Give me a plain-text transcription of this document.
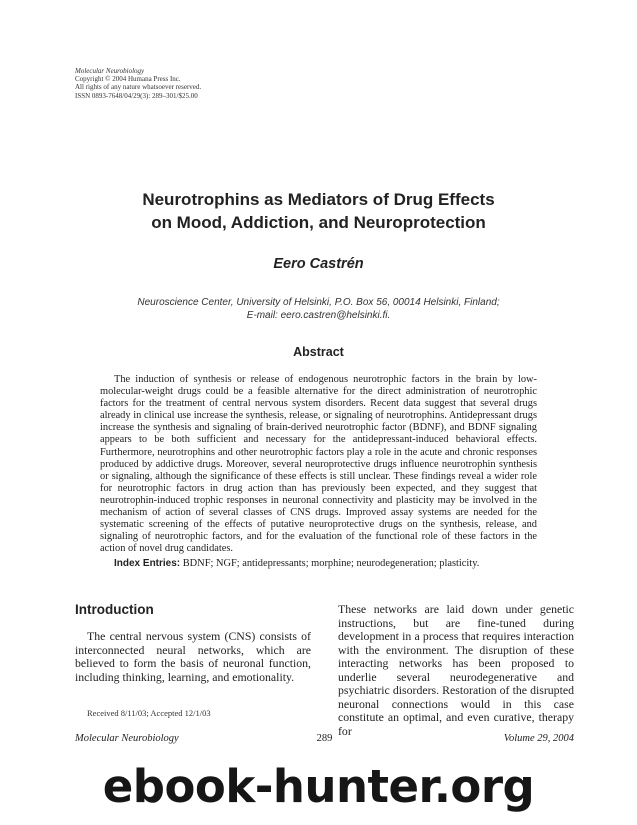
Molecular Neurobiology
Copyright © 2004 Humana Press Inc.
All rights of any nature whatsoever reserved.
ISSN 0893-7648/04/29(3): 289–301/$25.00
Neurotrophins as Mediators of Drug Effects
on Mood, Addiction, and Neuroprotection
Eero Castrén
Neuroscience Center, University of Helsinki, P.O. Box 56, 00014 Helsinki, Finland;
E-mail: eero.castren@helsinki.fi.
Abstract
The induction of synthesis or release of endogenous neurotrophic factors in the brain by low-molecular-weight drugs could be a feasible alternative for the direct administration of neurotrophic factors for the treatment of central nervous system disorders. Recent data suggest that several drugs already in clinical use increase the synthesis, release, or signaling of neurotrophins. Antidepressant drugs increase the synthesis and signaling of brain-derived neurotrophic factor (BDNF), and BDNF signaling appears to be both sufficient and necessary for the antidepressant-induced behavioral effects. Furthermore, neurotrophins and other neurotrophic factors play a role in the acute and chronic responses produced by addictive drugs. Moreover, several neuroprotective drugs influence neurotrophin synthesis or signaling, although the significance of these effects is still unclear. These findings reveal a wider role for neurotrophic factors in drug action than has previously been expected, and they suggest that neurotrophin-induced trophic responses in neuronal connectivity and plasticity may be involved in the mechanism of action of several classes of CNS drugs. Improved assay systems are needed for the systematic screening of the effects of putative neuroprotective drugs on the synthesis, release, and signaling of neurotrophic factors, and for the evaluation of the functional role of these factors in the action of novel drug candidates.
Index Entries: BDNF; NGF; antidepressants; morphine; neurodegeneration; plasticity.
Introduction
The central nervous system (CNS) consists of interconnected neural networks, which are believed to form the basis of neuronal function, including thinking, learning, and emotionality.
These networks are laid down under genetic instructions, but are fine-tuned during development in a process that requires interaction with the environment. The disruption of these interacting networks has been proposed to underlie several neurodegenerative and psychiatric disorders. Restoration of the disrupted neuronal connections would in this case constitute an optimal, and even curative, therapy for
Received 8/11/03; Accepted 12/1/03
Molecular Neurobiology	289	Volume 29, 2004
ebook-hunter.org
